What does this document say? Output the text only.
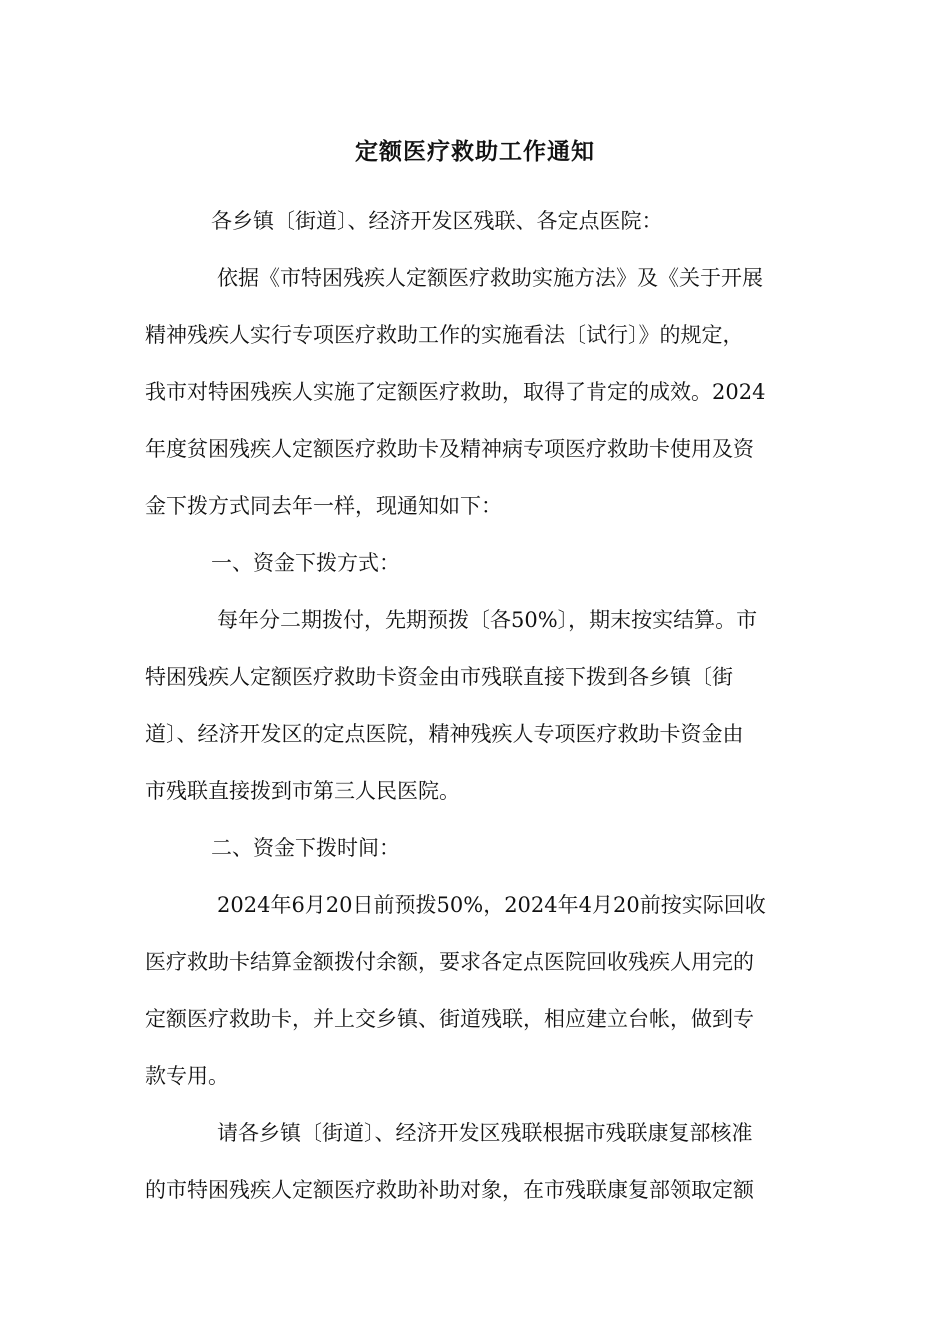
定额医疗救助工作通知
各乡镇〔街道〕、经济开发区残联、各定点医院：
依据《市特困残疾人定额医疗救助实施方法》及《关于开展
精神残疾人实行专项医疗救助工作的实施看法〔试行〕》的规定，
我市对特困残疾人实施了定额医疗救助，取得了肯定的成效。2024
年度贫困残疾人定额医疗救助卡及精神病专项医疗救助卡使用及资
金下拨方式同去年一样，现通知如下：
一、资金下拨方式：
每年分二期拨付，先期预拨〔各50%〕，期末按实结算。市
特困残疾人定额医疗救助卡资金由市残联直接下拨到各乡镇〔街
道〕、经济开发区的定点医院，精神残疾人专项医疗救助卡资金由
市残联直接拨到市第三人民医院。
二、资金下拨时间：
2024年6月20日前预拨50%，2024年4月20前按实际回收
医疗救助卡结算金额拨付余额，要求各定点医院回收残疾人用完的
定额医疗救助卡，并上交乡镇、街道残联，相应建立台帐，做到专
款专用。
请各乡镇〔街道〕、经济开发区残联根据市残联康复部核准
的市特困残疾人定额医疗救助补助对象，在市残联康复部领取定额
